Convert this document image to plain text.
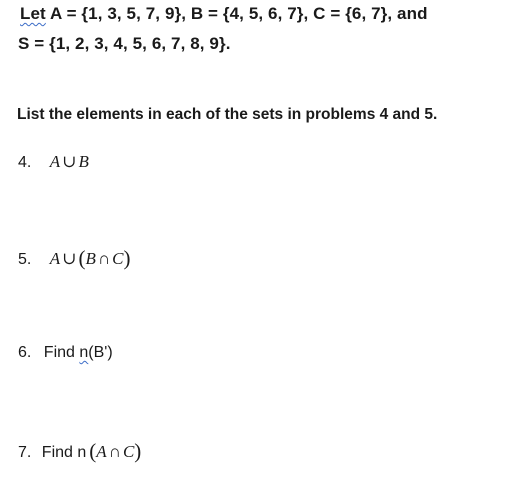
Let A = {1, 3, 5, 7, 9}, B = {4, 5, 6, 7}, C = {6, 7}, and
S = {1, 2, 3, 4, 5, 6, 7, 8, 9}.
List the elements in each of the sets in problems 4 and 5.
4. A ∪ B
5. A ∪(B ∩ C)
6. Find n(B')
7. Find n (A ∩ C)
